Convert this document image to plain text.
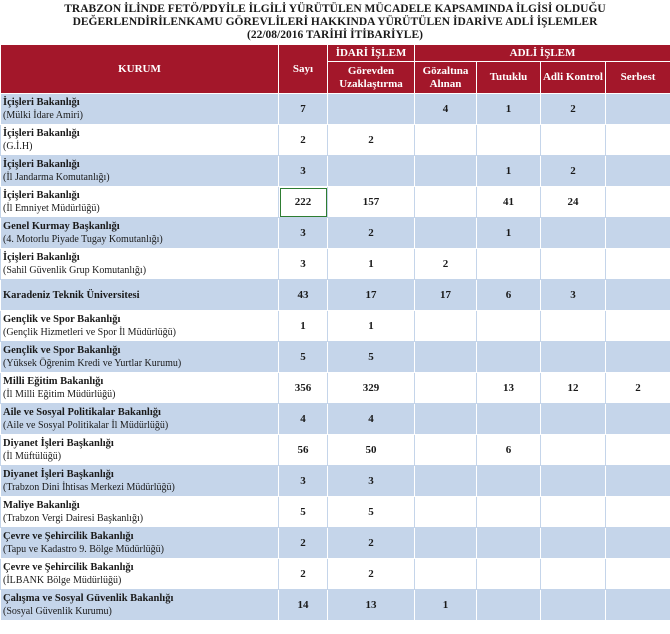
TRABZON İLİNDE FETÖ/PDYİLE İLGİLİ YÜRÜTÜLEN MÜCADELE KAPSAMINDA İLGİSİ OLDUĞU
DEĞERLENDİRİLENKAMU GÖREVLİLERİ HAKKINDA YÜRÜTÜLEN İDARİVE ADLİ İŞLEMLER
(22/08/2016 TARİHİ İTİBARİYLE)
KURUM	Sayı	İDARİ İŞLEM	ADLİ İŞLEM			
		Görevden Uzaklaştırma	Gözaltına Alınan	Tutuklu	Adli Kontrol	Serbest

İçişleri Bakanlığı
(Mülki İdare Amiri)	7		4	1	2	

İçişleri Bakanlığı
(G.İ.H)	2	2				

İçişleri Bakanlığı
(İl Jandarma Komutanlığı)	3			1	2	

İçişleri Bakanlığı
(İl Emniyet Müdürlüğü)	222	157		41	24	

Genel Kurmay Başkanlığı
(4. Motorlu Piyade Tugay Komutanlığı)	3	2		1		

İçişleri Bakanlığı
(Sahil Güvenlik Grup Komutanlığı)	3	1	2			
Karadeniz Teknik Üniversitesi	43	17	17	6	3	

Gençlik ve Spor Bakanlığı
(Gençlik Hizmetleri ve Spor İl Müdürlüğü)	1	1				

Gençlik ve Spor Bakanlığı
(Yüksek Öğrenim Kredi ve Yurtlar Kurumu)	5	5				

Milli Eğitim Bakanlığı
(İl Milli Eğitim Müdürlüğü)	356	329		13	12	2

Aile ve Sosyal Politikalar Bakanlığı
(Aile ve Sosyal Politikalar İl Müdürlüğü)	4	4				

Diyanet İşleri Başkanlığı
(İl Müftülüğü)	56	50		6		

Diyanet İşleri Başkanlığı
(Trabzon Dini İhtisas Merkezi Müdürlüğü)	3	3				

Maliye Bakanlığı
(Trabzon Vergi Dairesi Başkanlığı)	5	5				

Çevre ve Şehircilik Bakanlığı
(Tapu ve Kadastro 9. Bölge Müdürlüğü)	2	2				

Çevre ve Şehircilik Bakanlığı
(İLBANK Bölge Müdürlüğü)	2	2				

Çalışma ve Sosyal Güvenlik Bakanlığı
(Sosyal Güvenlik Kurumu)	14	13	1			
